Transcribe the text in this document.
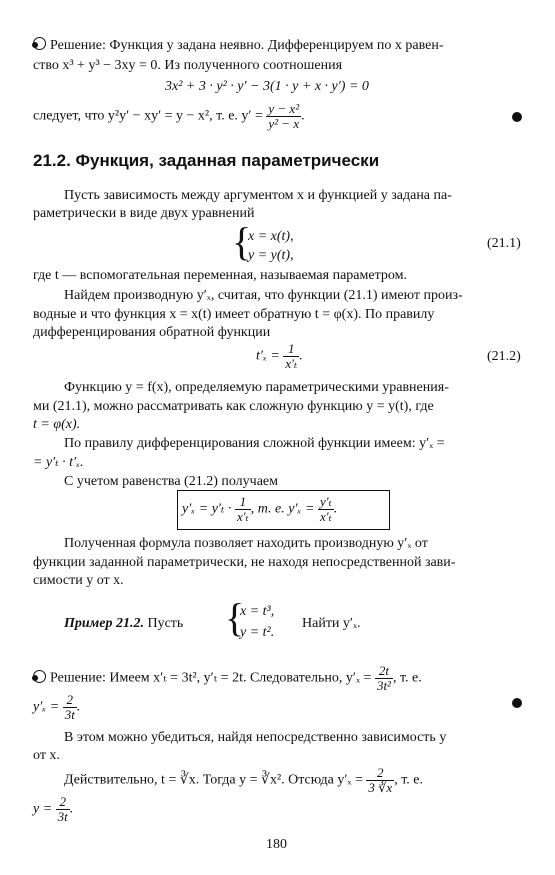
Решение: Функция y задана неявно. Дифференцируем по x равен-
ство x³ + y³ − 3xy = 0. Из полученного соотношения
3x² + 3 · y² · y′ − 3(1 · y + x · y′) = 0
следует, что y²y′ − xy′ = y − x², т. е. $y' = \frac{\text{y − x²}}{\text{y² − x}}$ .
21.2. Функция, заданная параметрически
Пусть зависимость между аргументом x и функцией y задана па-
раметрически в виде двух уравнений
{
x = x(t),
y = y(t),
(21.1)
где t — вспомогательная переменная, называемая параметром.
Найдем производную y′ₓ, считая, что функции (21.1) имеют произ-
водные и что функция x = x(t) имеет обратную t = φ(x). По правилу
дифференцирования обратной функции
$t'_x = \frac{1}{\text{x′ₜ}}$ .	(21.2)
Функцию y = f(x), определяемую параметрическими уравнения-
ми (21.1), можно рассматривать как сложную функцию y = y(t), где
t = φ(x).
По правилу дифференцирования сложной функции имеем: y′ₓ =
= y′ₜ · t′ₓ.
С учетом равенства (21.2) получаем
$y'_x = y'_t \cdot \frac{1}{\text{x′ₜ}}$ , т. е. $y'_x = \frac{\text{y′ₜ}}{\text{x′ₜ}}$ .
Полученная формула позволяет находить производную y′ₓ от
функции заданной параметрически, не находя непосредственной зави-
симости y от x.
Пример 21.2. Пусть {
x = t³,
y = t².
Найти y′ₓ.
Решение: Имеем x′ₜ = 3t², y′ₜ = 2t. Следовательно, $y'_x = \frac{2t}{\text{3t²}}$ , т. е.
$y'_x = \frac{2}{3t}$ .
В этом можно убедиться, найдя непосредственно зависимость y
от x.
Действительно, t = ∛x. Тогда y = ∛x². Отсюда $y'_x = \frac{2}{3 ∛x}$ , т. е.
$y = \frac{2}{3t}$ .
180
